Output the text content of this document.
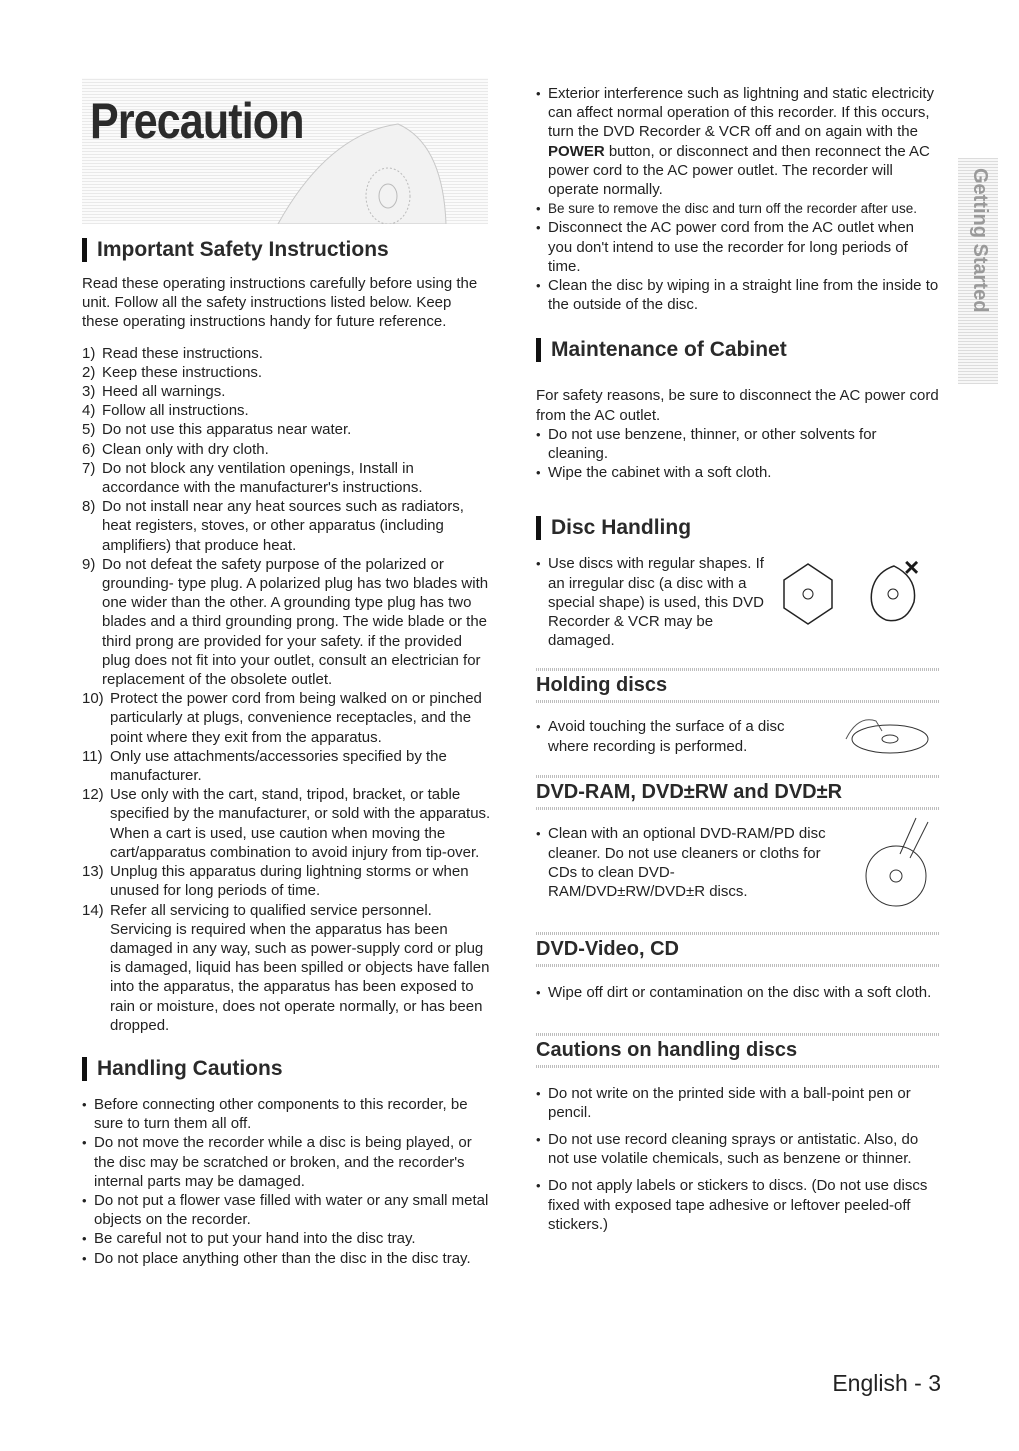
Precaution
Important Safety Instructions

Read these operating instructions carefully before using the unit. Follow all the safety instructions listed below. Keep these operating instructions handy for future reference.

1) Read these instructions.
2) Keep these instructions.
3) Heed all warnings.
4) Follow all instructions.
5) Do not use this apparatus near water.
6) Clean only with dry cloth.
7) Do not block any ventilation openings, Install in accordance with the manufacturer's instructions.
8) Do not install near any heat sources such as radiators, heat registers, stoves, or other apparatus (including amplifiers) that produce heat.
9) Do not defeat the safety purpose of the polarized or grounding- type plug. A polarized plug has two blades with one wider than the other. A grounding type plug has two blades and a third grounding prong. The wide blade or the third prong are provided for your safety. if the provided plug does not fit into your outlet, consult an electrician for replacement of the obsolete outlet.
10) Protect the power cord from being walked on or pinched particularly at plugs, convenience receptacles, and the point where they exit from the apparatus.
11) Only use attachments/accessories specified by the manufacturer.
12) Use only with the cart, stand, tripod, bracket, or table specified by the manufacturer, or sold with the apparatus. When a cart is used, use caution when moving the cart/apparatus combination to avoid injury from tip-over.
13) Unplug this apparatus during lightning storms or when unused for long periods of time.
14) Refer all servicing to qualified service personnel. Servicing is required when the apparatus has been damaged in any way, such as power-supply cord or plug is damaged, liquid has been spilled or objects have fallen into the apparatus, the apparatus has been exposed to rain or moisture, does not operate normally, or has been dropped.
Handling Cautions
• Before connecting other components to this recorder, be sure to turn them all off.
• Do not move the recorder while a disc is being played, or the disc may be scratched or broken, and the recorder's internal parts may be damaged.
• Do not put a flower vase filled with water or any small metal objects on the recorder.
• Be careful not to put your hand into the disc tray.
• Do not place anything other than the disc in the disc tray.
• Exterior interference such as lightning and static electricity can affect normal operation of this recorder. If this occurs, turn the DVD Recorder & VCR off and on again with the POWER button, or disconnect and then reconnect the AC power cord to the AC power outlet. The recorder will operate normally.
• Be sure to remove the disc and turn off the recorder after use.
• Disconnect the AC power cord from the AC outlet when you don't intend to use the recorder for long periods of time.
• Clean the disc by wiping in a straight line from the inside to the outside of the disc.
Maintenance of Cabinet

For safety reasons, be sure to disconnect the AC power cord from the AC outlet.

• Do not use benzene, thinner, or other solvents for cleaning.
• Wipe the cabinet with a soft cloth.
Disc Handling
• Use discs with regular shapes. If an irregular disc (a disc with a special shape) is used, this DVD Recorder & VCR may be damaged.
×
Holding discs
• Avoid touching the surface of a disc where recording is performed.
DVD-RAM, DVD±RW and DVD±R
• Clean with an optional DVD-RAM/PD disc cleaner. Do not use cleaners or cloths for CDs to clean DVD-RAM/DVD±RW/DVD±R discs.
DVD-Video, CD
• Wipe off dirt or contamination on the disc with a soft cloth.
Cautions on handling discs
• Do not write on the printed side with a ball-point pen or pencil.
• Do not use record cleaning sprays or antistatic. Also, do not use volatile chemicals, such as benzene or thinner.
• Do not apply labels or stickers to discs. (Do not use discs fixed with exposed tape adhesive or leftover peeled-off stickers.)
Getting Started
English - 3
